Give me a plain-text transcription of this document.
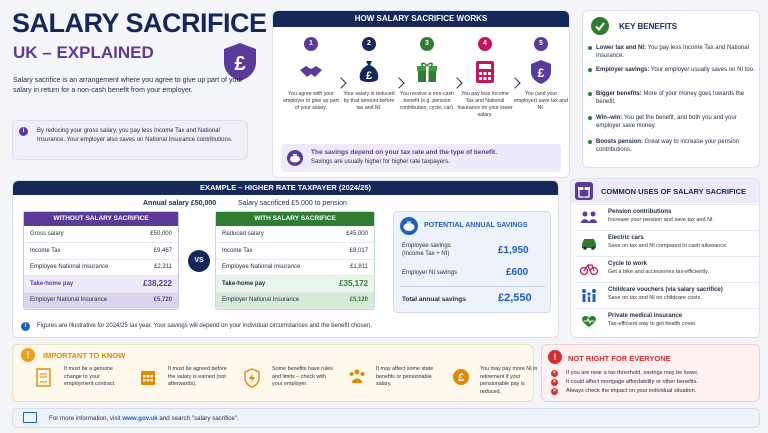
SALARY SACRIFICE
UK – EXPLAINED
£
Salary sacrifice is an arrangement where you agree to give up part of your salary in return for a non-cash benefit from your employer.
i	By reducing your gross salary, you pay less Income Tax and National Insurance. Your employer also saves on National Insurance contributions.
HOW SALARY SACRIFICE WORKS
The savings depend on your tax rate and the type of benefit.
Savings are usually higher for higher rate taxpayers.
1
You agree with your employer to give up part of your salary.
2
£
Your salary is reduced by that amount before tax and NI.
3
You receive a non-cash benefit (e.g. pension contribution, cycle, car).
4
You pay less Income Tax and National Insurance on your lower salary.
5
£
You (and your employer) save tax and NI.
KEY BENEFITS
Lower tax and NI: You pay less Income Tax and National Insurance.
Employer savings: Your employer usually saves on NI too.
Bigger benefits: More of your money goes towards the benefit.
Win–win: You get the benefit, and both you and your employer save money.
Boosts pension: Great way to increase your pension contributions.
EXAMPLE – HIGHER RATE TAXPAYER (2024/25)
Annual salary £50,000	Salary sacrificed £5,000 to pension
WITHOUT SALARY SACRIFICE
Gross salary	£50,000
Income Tax	£9,467
Employee National Insurance	£2,311
Take-home pay	£38,222
Employer National Insurance	£5,720
VS
WITH SALARY SACRIFICE
Reduced salary	£45,000
Income Tax	£8,017
Employee National Insurance	£1,811
Take-home pay	£35,172
Employer National Insurance	£5,120
POTENTIAL ANNUAL SAVINGS
Employee savings
(Income Tax + NI)	£1,950
Employer NI savings	£600
Total annual savings	£2,550
i	Figures are illustrative for 2024/25 tax year. Your savings will depend on your individual circumstances and the benefit chosen.
COMMON USES OF SALARY SACRIFICE
Pension contributions
Increase your pension and save tax and NI.
Electric cars
Save on tax and NI compared to cash allowance.
Cycle to work
Get a bike and accessories tax-efficiently.
Childcare vouchers (via salary sacrifice)
Save on tax and NI on childcare costs.
Private medical insurance
Tax-efficient way to get health cover.
!	IMPORTANT TO KNOW
It must be a genuine change to your employment contract.
It must be agreed before the salary is earned (not afterwards).
Some benefits have rules and limits – check with your employer.
It may affect some state benefits or pensionable salary.
£
You may pay more NI in retirement if your pensionable pay is reduced.
!	NOT RIGHT FOR EVERYONE
×	If you are near a tax threshold, savings may be lower.
×	It could affect mortgage affordability or other benefits.
×	Always check the impact on your individual situation.
For more information, visit www.gov.uk and search "salary sacrifice".
